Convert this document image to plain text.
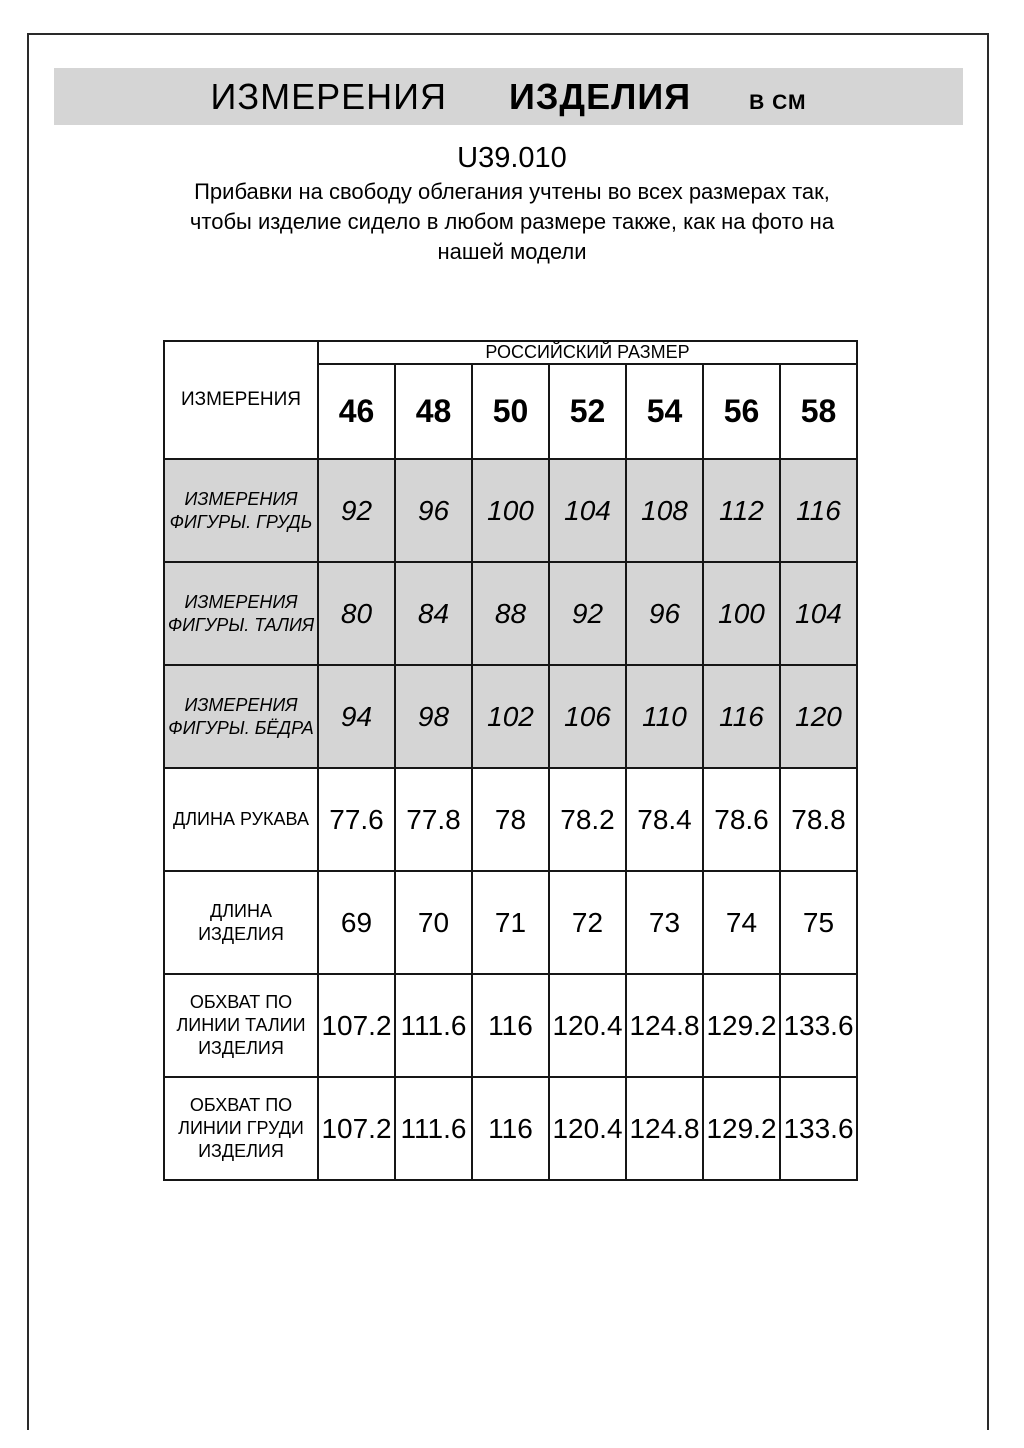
ИЗМЕРЕНИЯ ИЗДЕЛИЯ	В СМ
U39.010
Прибавки на свободу облегания учтены во всех размерах так,
чтобы изделие сидело в любом размере также, как на фото на
нашей модели
ИЗМЕРЕНИЯ	РОССИЙСКИЙ РАЗМЕР						
	46	48	50	52	54	56	58
ИЗМЕРЕНИЯ
ФИГУРЫ. ГРУДЬ	92	96	100	104	108	112	116
ИЗМЕРЕНИЯ
ФИГУРЫ. ТАЛИЯ	80	84	88	92	96	100	104
ИЗМЕРЕНИЯ
ФИГУРЫ. БЁДРА	94	98	102	106	110	116	120
ДЛИНА РУКАВА	77.6	77.8	78	78.2	78.4	78.6	78.8
ДЛИНА ИЗДЕЛИЯ	69	70	71	72	73	74	75
ОБХВАТ ПО
ЛИНИИ ТАЛИИ
ИЗДЕЛИЯ	107.2	111.6	116	120.4	124.8	129.2	133.6
ОБХВАТ ПО
ЛИНИИ ГРУДИ
ИЗДЕЛИЯ	107.2	111.6	116	120.4	124.8	129.2	133.6
